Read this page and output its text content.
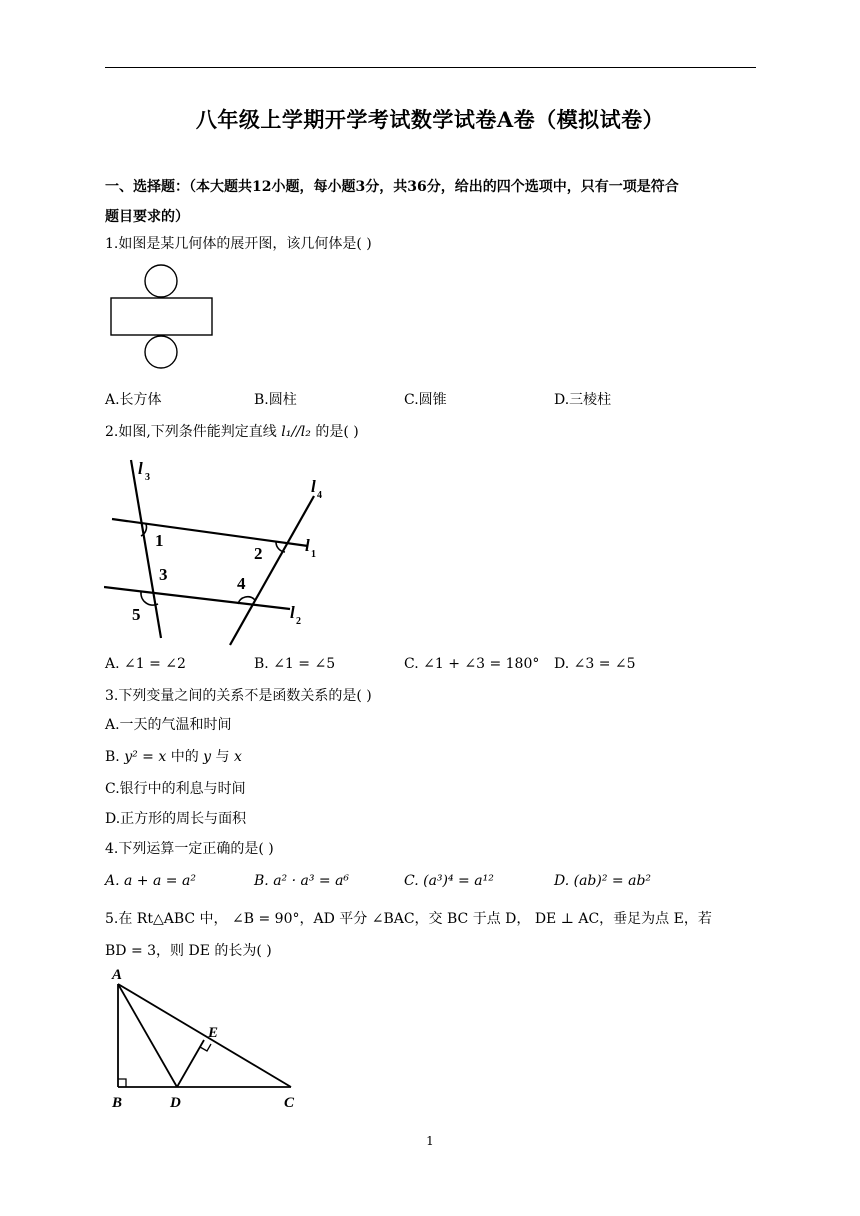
八年级上学期开学考试数学试卷A卷（模拟试卷）
一、选择题：（本大题共12小题，每小题3分，共36分，给出的四个选项中，只有一项是符合
题目要求的）
1.如图是某几何体的展开图，该几何体是( )
A.长方体	B.圆柱	C.圆锥	D.三棱柱
2.如图,下列条件能判定直线 l₁//l₂ 的是( )
l 3	l 4
l 1
l 2
1
2
3	4
5
A. ∠1 = ∠2	B. ∠1 = ∠5	C. ∠1 + ∠3 = 180° D. ∠3 = ∠5
3.下列变量之间的关系不是函数关系的是( )
A.一天的气温和时间
B. y² = x 中的 y 与 x
C.银行中的利息与时间
D.正方形的周长与面积
4.下列运算一定正确的是( )
A. a + a = a²	B. a² · a³ = a⁶	C. (a³)⁴ = a¹²	D. (ab)² = ab²
5.在 Rt△ABC 中， ∠B = 90°，AD 平分 ∠BAC，交 BC 于点 D， DE ⊥ AC，垂足为点 E，若
BD = 3，则 DE 的长为( )
A
B	D	C
E
1
